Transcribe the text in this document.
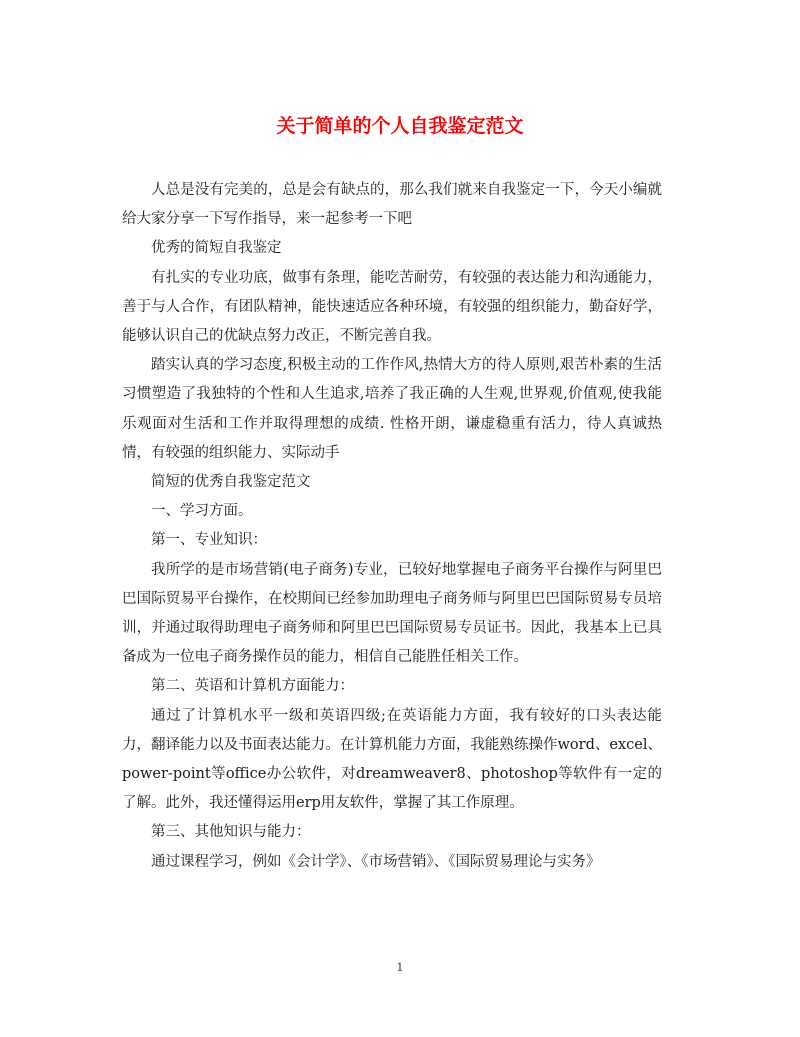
关于简单的个人自我鉴定范文

人总是没有完美的，总是会有缺点的，那么我们就来自我鉴定一下，今天小编就给大家分享一下写作指导，来一起参考一下吧

优秀的简短自我鉴定

有扎实的专业功底，做事有条理，能吃苦耐劳，有较强的表达能力和沟通能力，善于与人合作，有团队精神，能快速适应各种环境，有较强的组织能力，勤奋好学，能够认识自己的优缺点努力改正，不断完善自我。

踏实认真的学习态度,积极主动的工作作风,热情大方的待人原则,艰苦朴素的生活习惯塑造了我独特的个性和人生追求,培养了我正确的人生观,世界观,价值观,使我能乐观面对生活和工作并取得理想的成绩. 性格开朗，谦虚稳重有活力，待人真诚热情，有较强的组织能力、实际动手

简短的优秀自我鉴定范文

一、学习方面。

第一、专业知识：

我所学的是市场营销(电子商务)专业，已较好地掌握电子商务平台操作与阿里巴巴国际贸易平台操作，在校期间已经参加助理电子商务师与阿里巴巴国际贸易专员培训，并通过取得助理电子商务师和阿里巴巴国际贸易专员证书。因此，我基本上已具备成为一位电子商务操作员的能力，相信自己能胜任相关工作。

第二、英语和计算机方面能力：

通过了计算机水平一级和英语四级;在英语能力方面，我有较好的口头表达能力，翻译能力以及书面表达能力。在计算机能力方面，我能熟练操作word、excel、power-point等office办公软件，对dreamweaver8、photoshop等软件有一定的了解。此外，我还懂得运用erp用友软件，掌握了其工作原理。

第三、其他知识与能力：

通过课程学习，例如《会计学》、《市场营销》、《国际贸易理论与实务》

1
